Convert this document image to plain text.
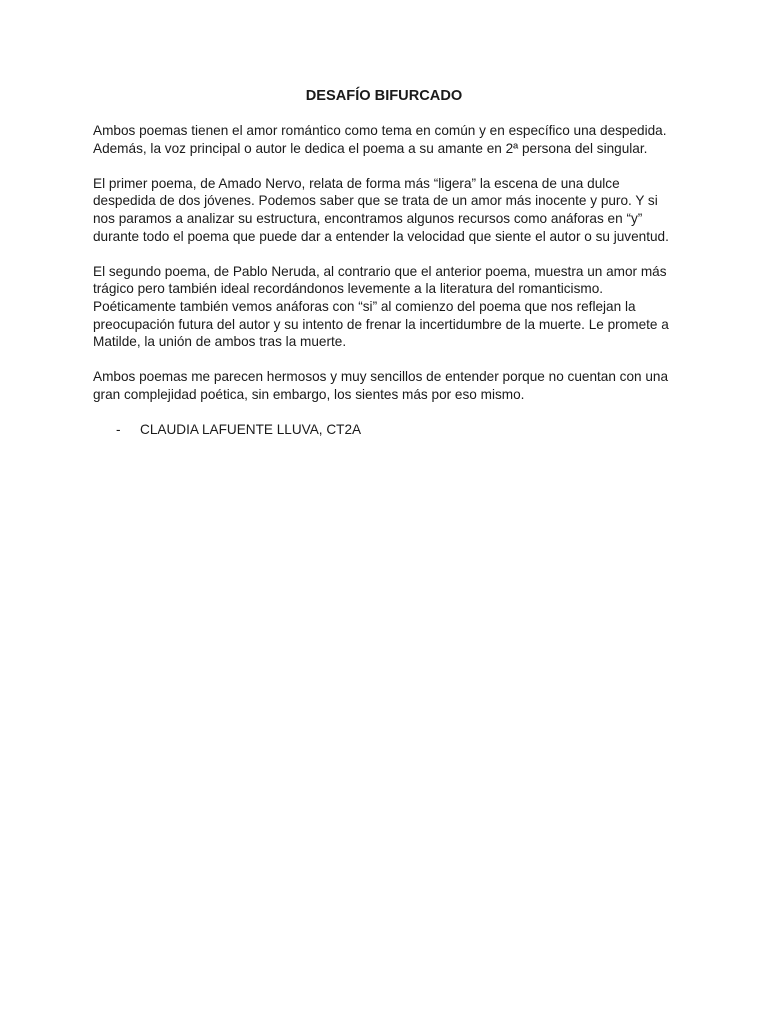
DESAFÍO BIFURCADO

Ambos poemas tienen el amor romántico como tema en común y en específico una despedida. Además, la voz principal o autor le dedica el poema a su amante en 2ª persona del singular.

El primer poema, de Amado Nervo, relata de forma más “ligera” la escena de una dulce despedida de dos jóvenes. Podemos saber que se trata de un amor más inocente y puro. Y si nos paramos a analizar su estructura, encontramos algunos recursos como anáforas en “y” durante todo el poema que puede dar a entender la velocidad que siente el autor o su juventud.

El segundo poema, de Pablo Neruda, al contrario que el anterior poema, muestra un amor más trágico pero también ideal recordándonos levemente a la literatura del romanticismo. Poéticamente también vemos anáforas con “si” al comienzo del poema que nos reflejan la preocupación futura del autor y su intento de frenar la incertidumbre de la muerte. Le promete a Matilde, la unión de ambos tras la muerte.

Ambos poemas me parecen hermosos y muy sencillos de entender porque no cuentan con una gran complejidad poética, sin embargo, los sientes más por eso mismo.

-	CLAUDIA LAFUENTE LLUVA, CT2A
